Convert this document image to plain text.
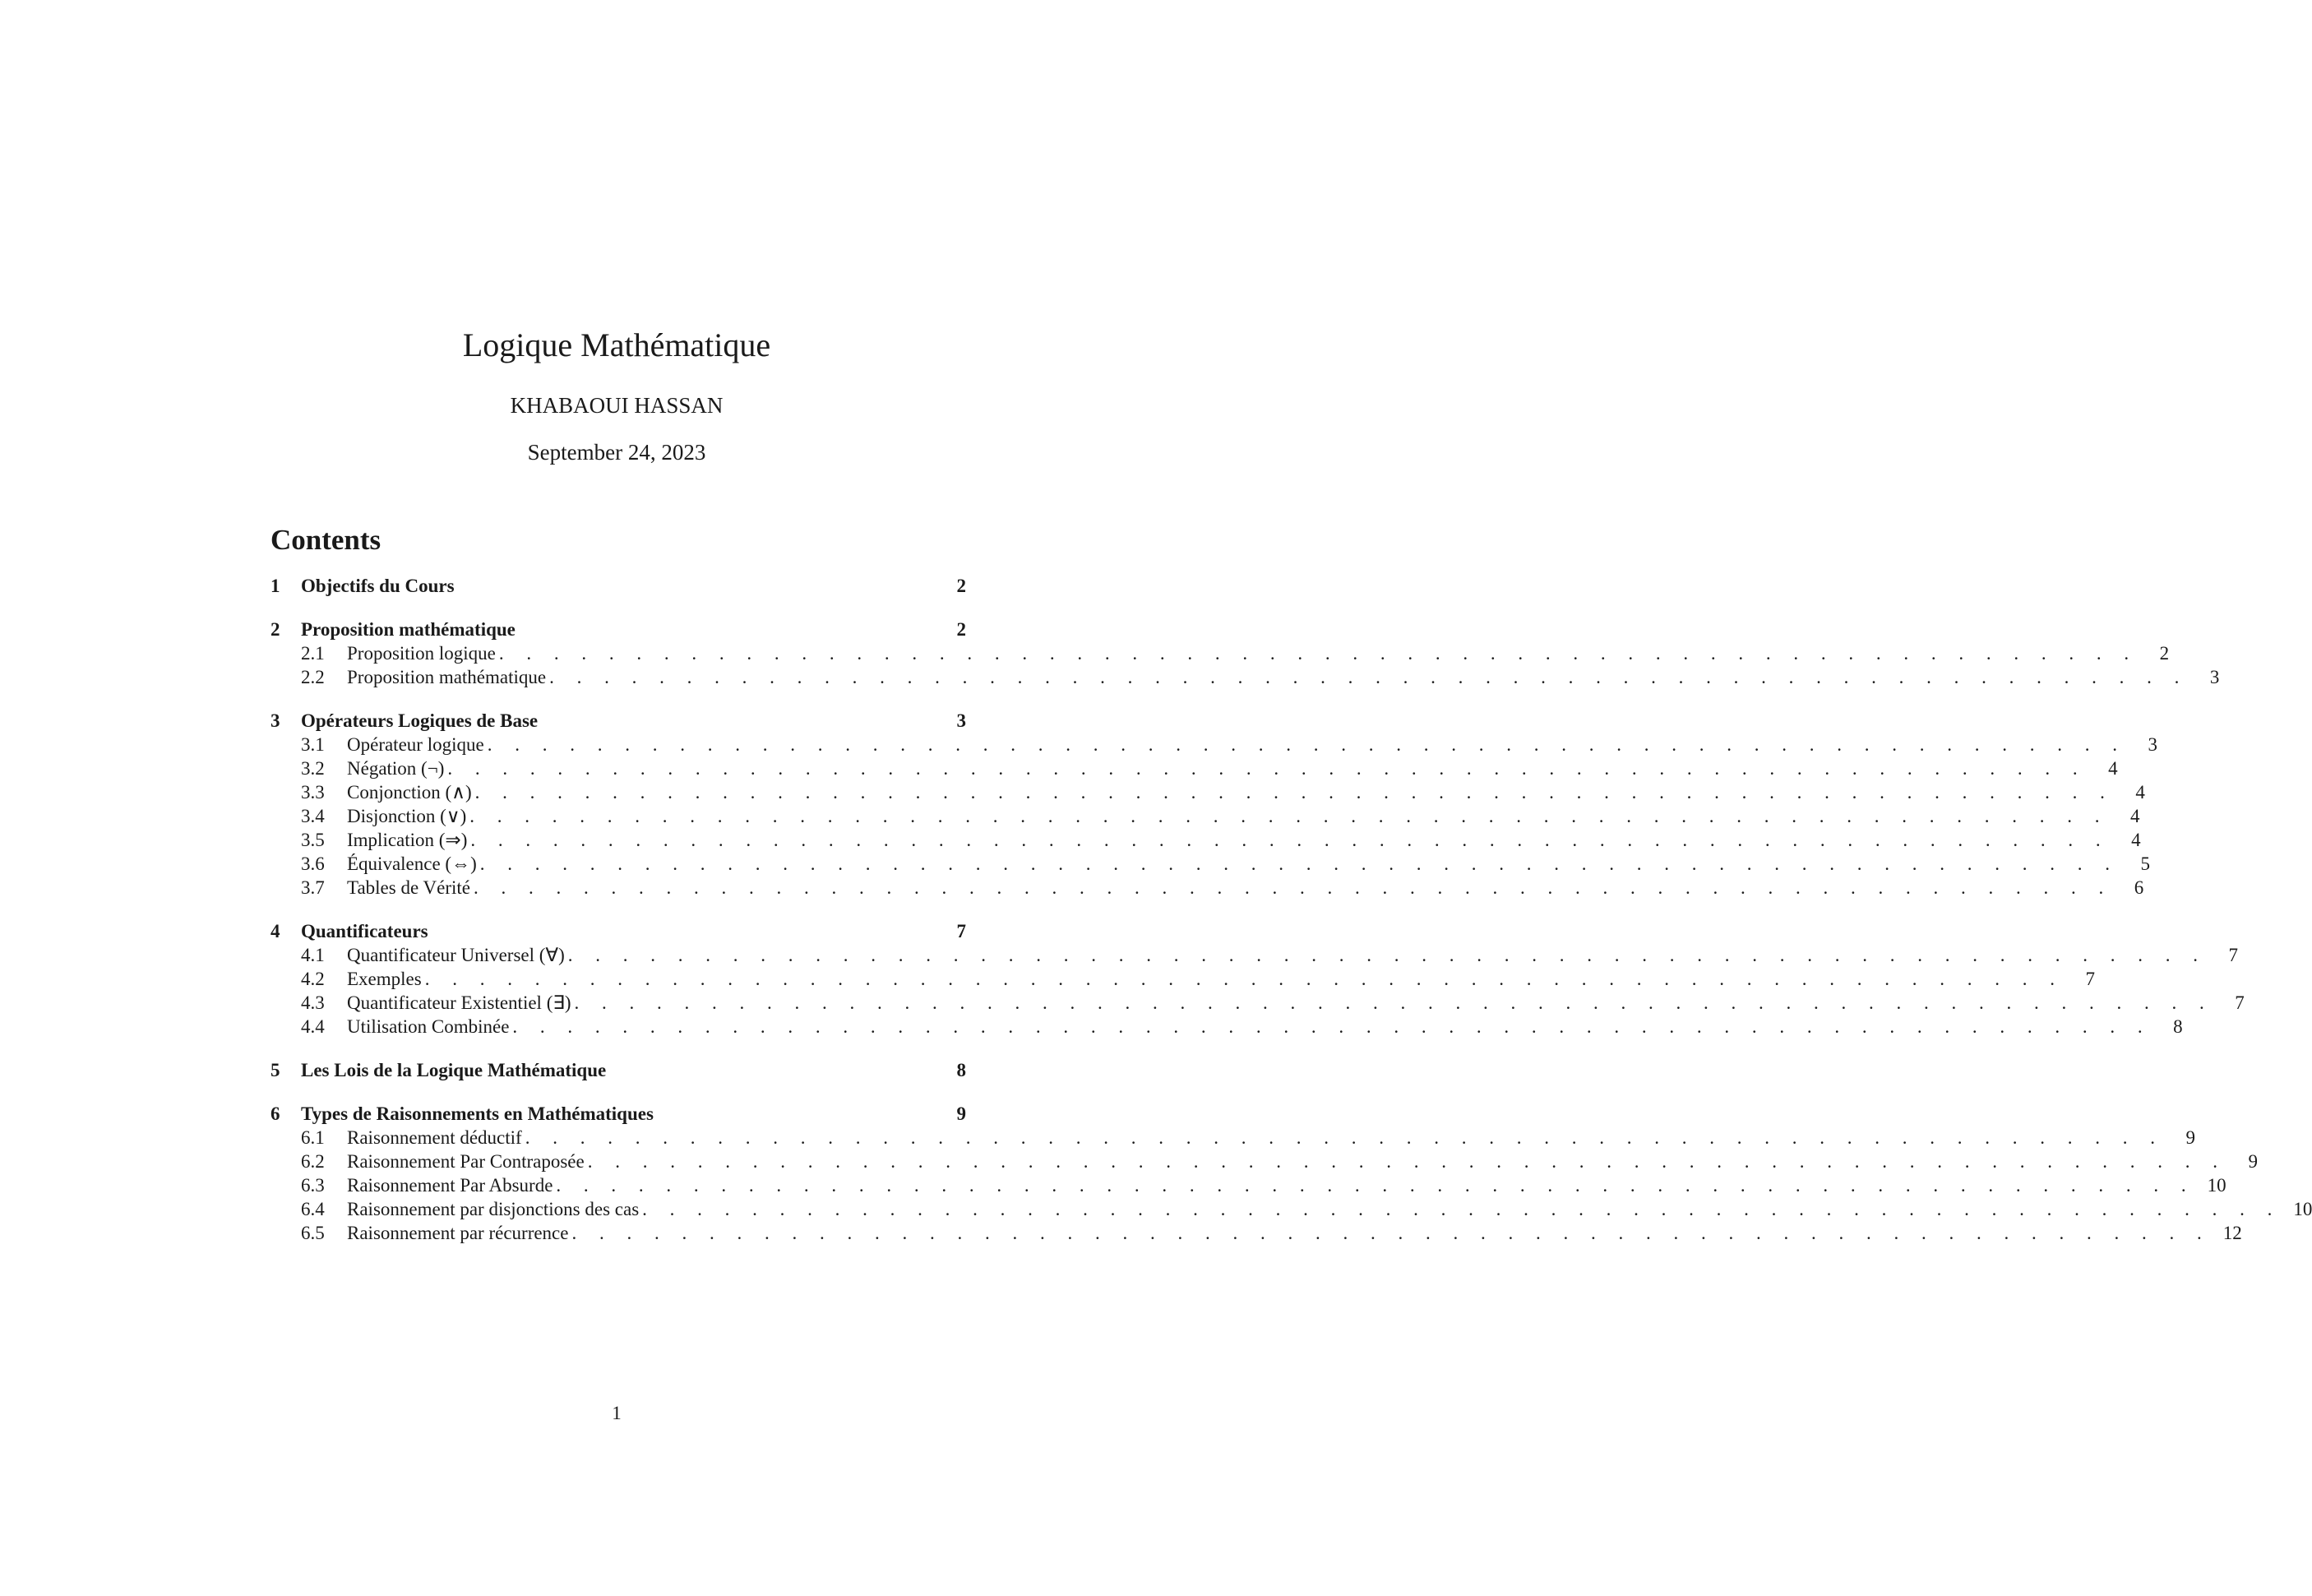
Logique Mathématique
KHABAOUI HASSAN
September 24, 2023
Contents
1	Objectifs du Cours	2
2	Proposition mathématique	2
2.1	Proposition logique . . . . . . . . . . . . . . . . . . . . . . . . . . . . . . . . . . . . . . . . . . . . . . . . . . . . . . . . . . . .	2
2.2	Proposition mathématique . . . . . . . . . . . . . . . . . . . . . . . . . . . . . . . . . . . . . . . . . . . . . . . . . . . . . . . . . . . .	3
3	Opérateurs Logiques de Base	3
3.1	Opérateur logique . . . . . . . . . . . . . . . . . . . . . . . . . . . . . . . . . . . . . . . . . . . . . . . . . . . . . . . . . . . .	3
3.2	Négation (¬) . . . . . . . . . . . . . . . . . . . . . . . . . . . . . . . . . . . . . . . . . . . . . . . . . . . . . . . . . . . .	4
3.3	Conjonction (∧) . . . . . . . . . . . . . . . . . . . . . . . . . . . . . . . . . . . . . . . . . . . . . . . . . . . . . . . . . . . .	4
3.4	Disjonction (∨) . . . . . . . . . . . . . . . . . . . . . . . . . . . . . . . . . . . . . . . . . . . . . . . . . . . . . . . . . . . .	4
3.5	Implication (⇒) . . . . . . . . . . . . . . . . . . . . . . . . . . . . . . . . . . . . . . . . . . . . . . . . . . . . . . . . . . . .	4
3.6	Équivalence (⇔) . . . . . . . . . . . . . . . . . . . . . . . . . . . . . . . . . . . . . . . . . . . . . . . . . . . . . . . . . . . .	5
3.7	Tables de Vérité . . . . . . . . . . . . . . . . . . . . . . . . . . . . . . . . . . . . . . . . . . . . . . . . . . . . . . . . . . . .	6
4	Quantificateurs	7
4.1	Quantificateur Universel (∀) . . . . . . . . . . . . . . . . . . . . . . . . . . . . . . . . . . . . . . . . . . . . . . . . . . . . . . . . . . . .	7
4.2	Exemples . . . . . . . . . . . . . . . . . . . . . . . . . . . . . . . . . . . . . . . . . . . . . . . . . . . . . . . . . . . .	7
4.3	Quantificateur Existentiel (∃) . . . . . . . . . . . . . . . . . . . . . . . . . . . . . . . . . . . . . . . . . . . . . . . . . . . . . . . . . . . .	7
4.4	Utilisation Combinée . . . . . . . . . . . . . . . . . . . . . . . . . . . . . . . . . . . . . . . . . . . . . . . . . . . . . . . . . . . .	8
5	Les Lois de la Logique Mathématique	8
6	Types de Raisonnements en Mathématiques	9
6.1	Raisonnement déductif . . . . . . . . . . . . . . . . . . . . . . . . . . . . . . . . . . . . . . . . . . . . . . . . . . . . . . . . . . . .	9
6.2	Raisonnement Par Contraposée . . . . . . . . . . . . . . . . . . . . . . . . . . . . . . . . . . . . . . . . . . . . . . . . . . . . . . . . . . . .	9
6.3	Raisonnement Par Absurde . . . . . . . . . . . . . . . . . . . . . . . . . . . . . . . . . . . . . . . . . . . . . . . . . . . . . . . . . . . . 10
6.4	Raisonnement par disjonctions des cas . . . . . . . . . . . . . . . . . . . . . . . . . . . . . . . . . . . . . . . . . . . . . . . . . . . . . . . . . . . . 10
6.5	Raisonnement par récurrence . . . . . . . . . . . . . . . . . . . . . . . . . . . . . . . . . . . . . . . . . . . . . . . . . . . . . . . . . . . . 12
1
